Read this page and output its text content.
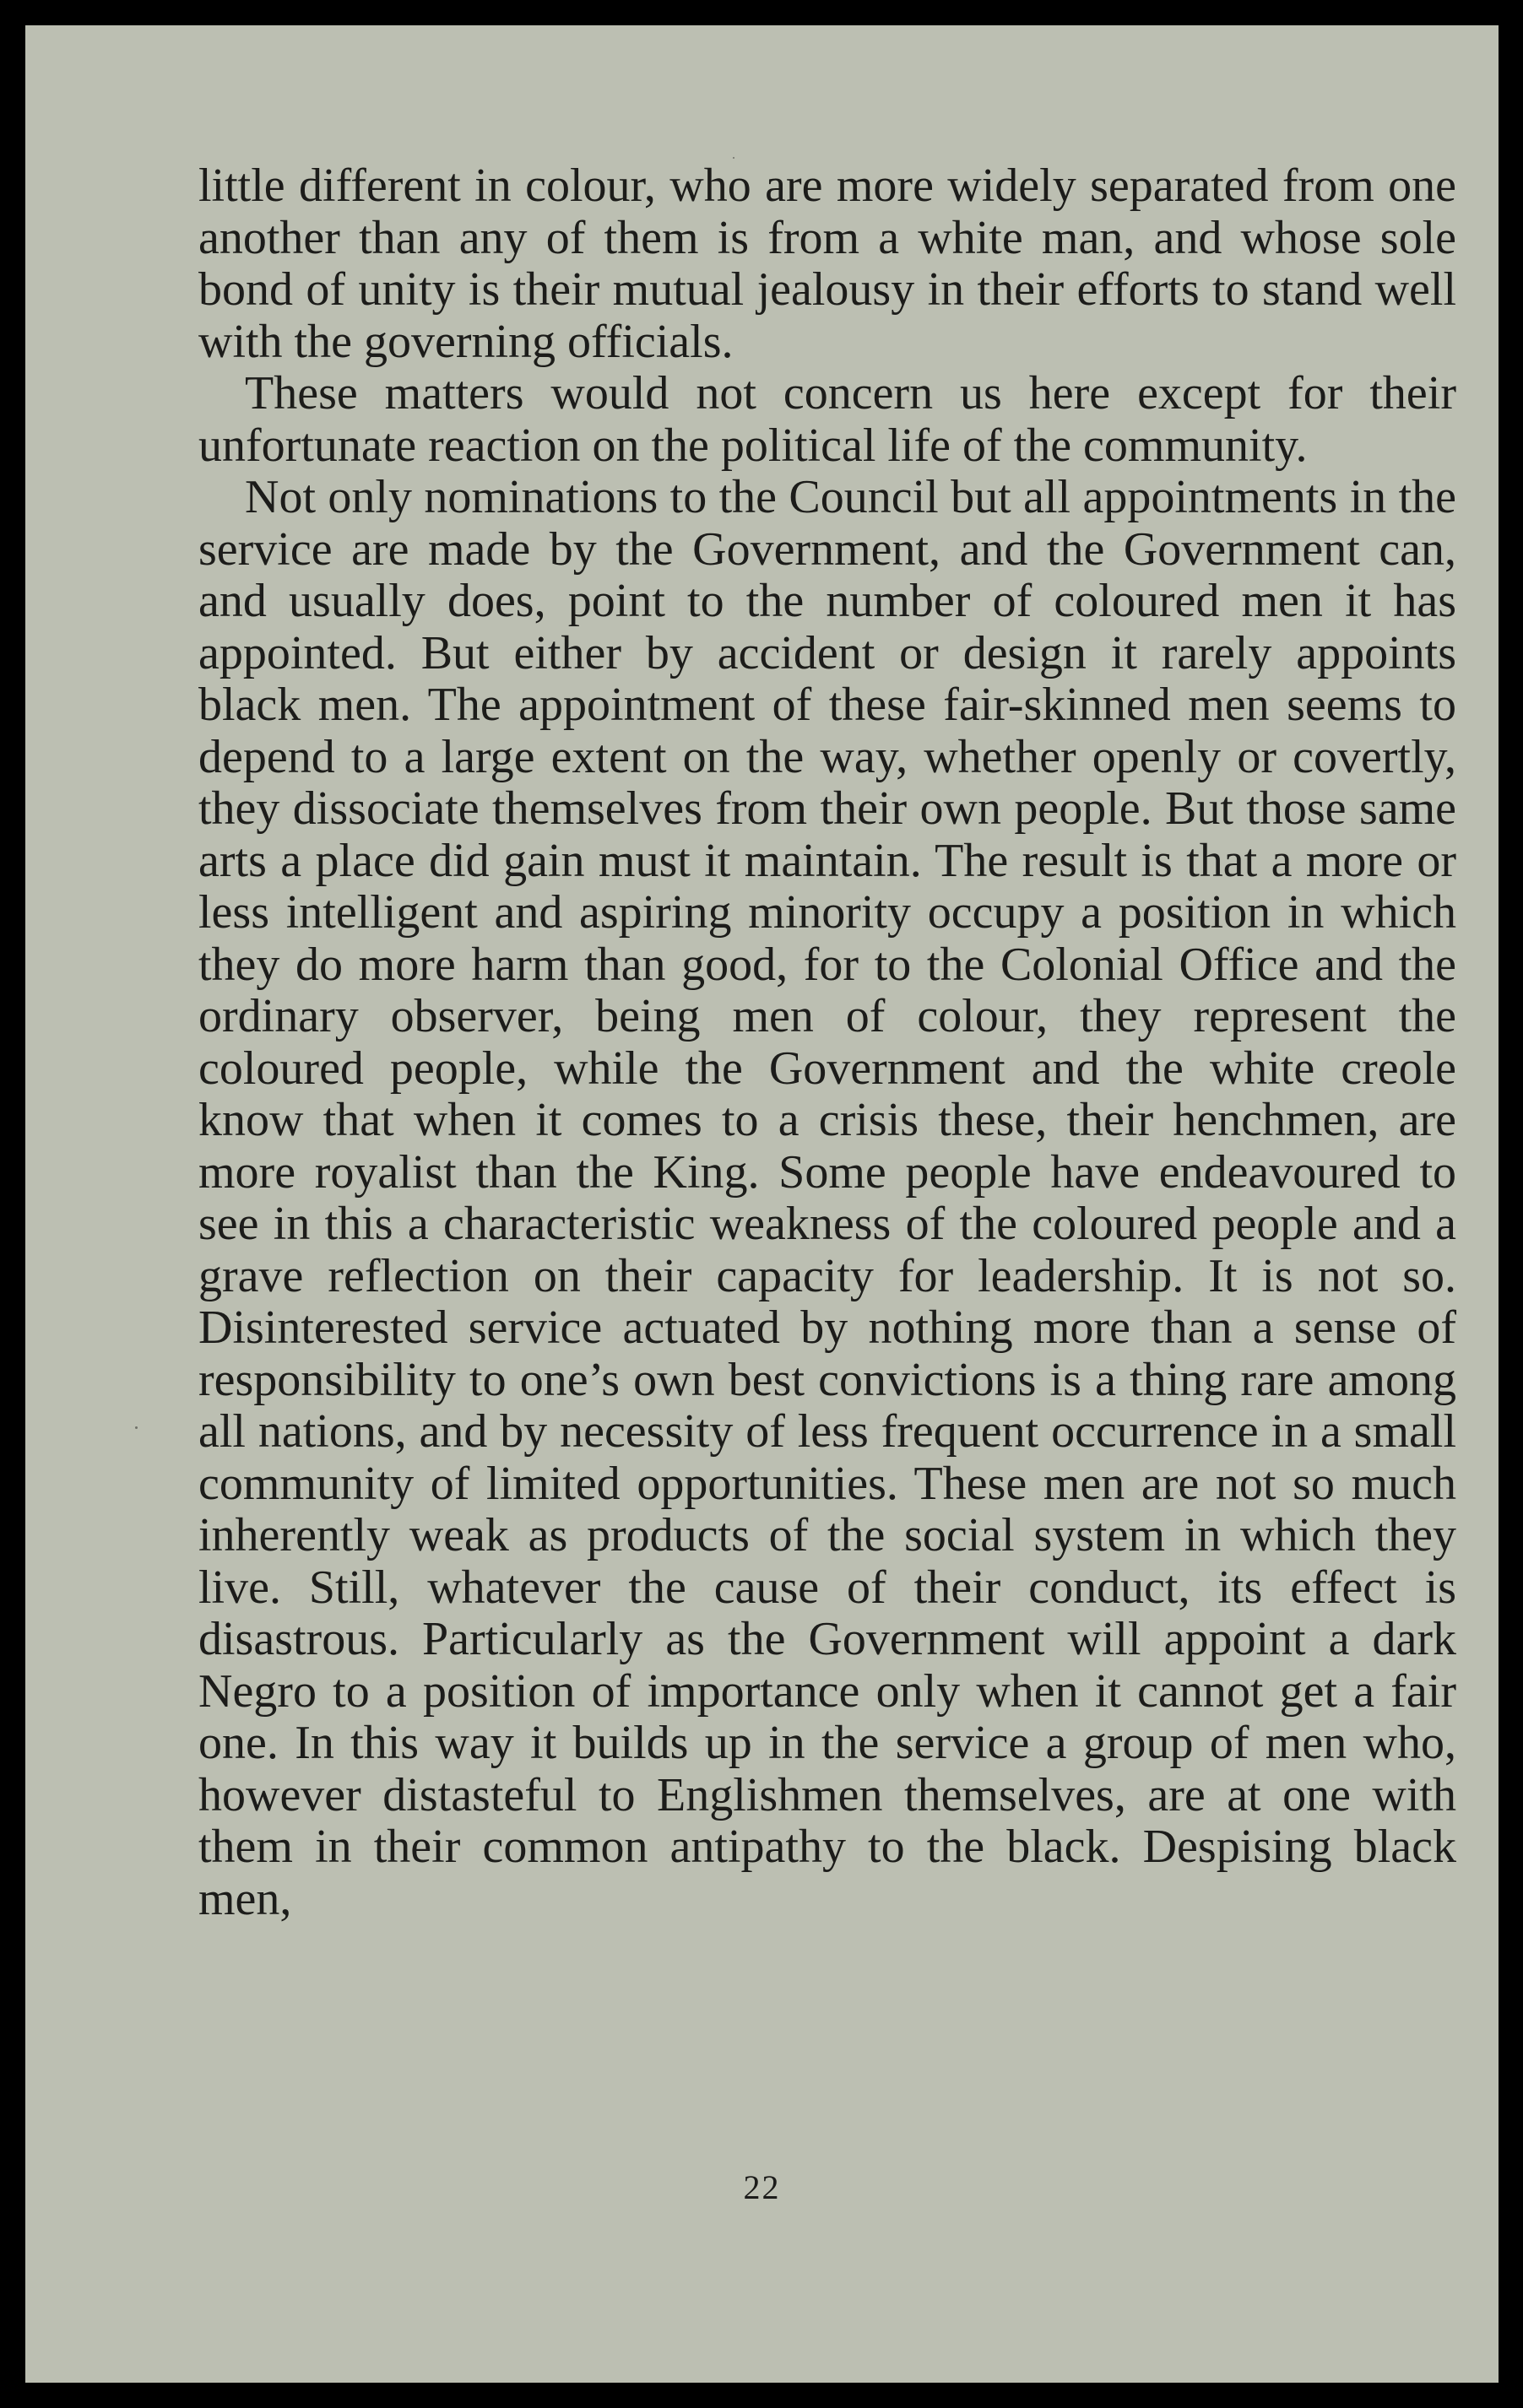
little different in colour, who are more widely separated from one another than any of them is from a white man, and whose sole bond of unity is their mutual jealousy in their efforts to stand well with the governing officials.

These matters would not concern us here except for their unfortunate reaction on the political life of the community.

Not only nominations to the Council but all appointments in the service are made by the Government, and the Government can, and usually does, point to the number of coloured men it has appointed. But either by accident or design it rarely appoints black men. The appointment of these fair-skinned men seems to depend to a large extent on the way, whether openly or covertly, they dissociate themselves from their own people. But those same arts a place did gain must it maintain. The result is that a more or less intelligent and aspiring minority occupy a position in which they do more harm than good, for to the Colonial Office and the ordinary observer, being men of colour, they represent the coloured people, while the Government and the white creole know that when it comes to a crisis these, their henchmen, are more royalist than the King. Some people have endeavoured to see in this a characteristic weakness of the coloured people and a grave reflection on their capacity for leadership. It is not so. Disinterested service actuated by nothing more than a sense of responsibility to one’s own best convictions is a thing rare among all nations, and by necessity of less frequent occurrence in a small community of limited opportunities. These men are not so much inherently weak as products of the social system in which they live. Still, whatever the cause of their conduct, its effect is disastrous. Particularly as the Government will appoint a dark Negro to a position of importance only when it cannot get a fair one. In this way it builds up in the service a group of men who, however distasteful to Englishmen themselves, are at one with them in their common antipathy to the black. Despising black men,

22
